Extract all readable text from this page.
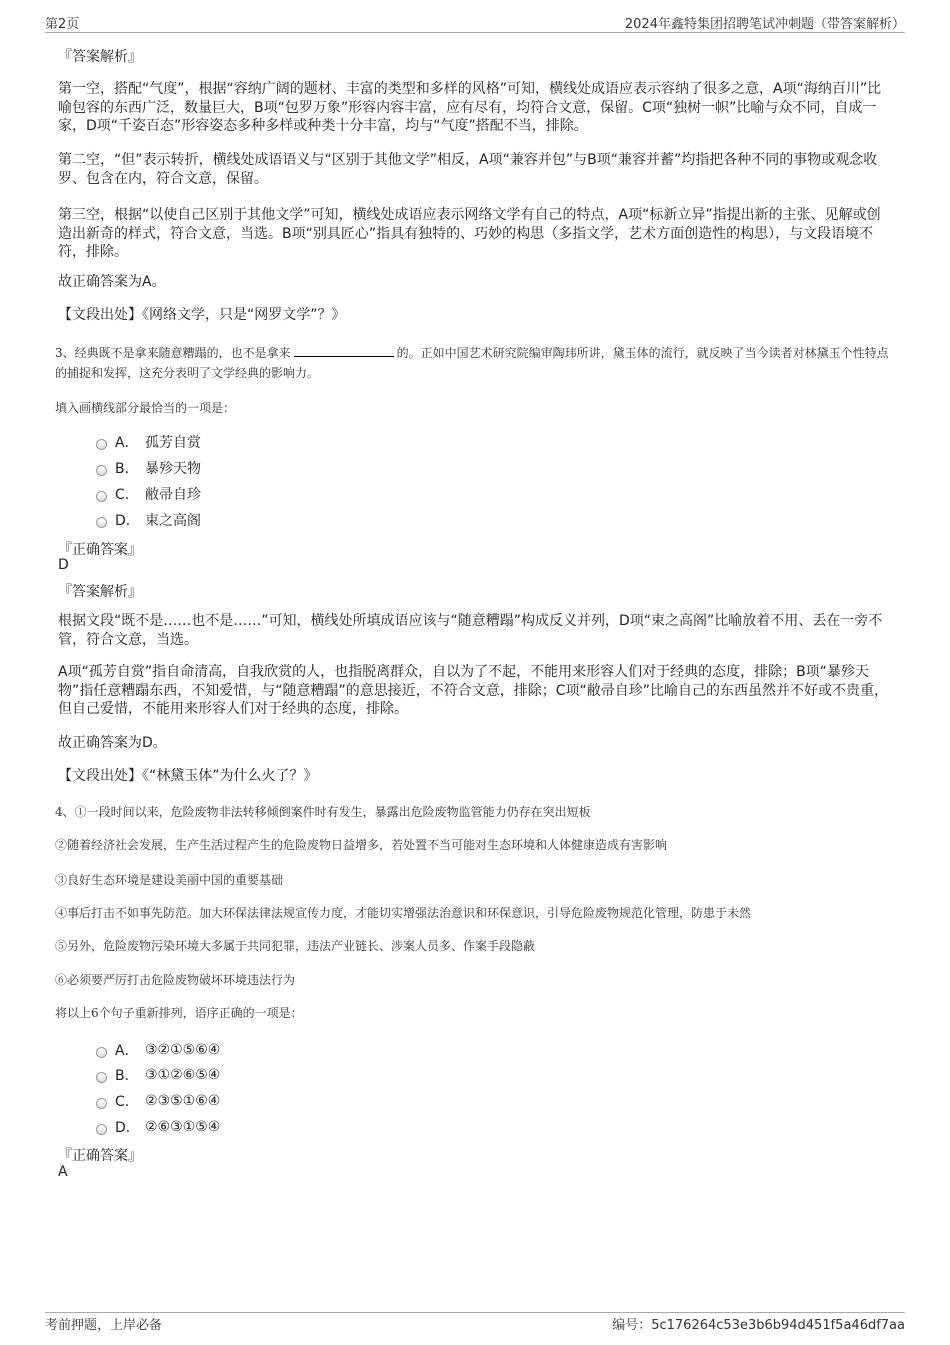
第2页	2024年鑫特集团招聘笔试冲刺题（带答案解析）
『答案解析』
第一空，搭配“气度”，根据“容纳广阔的题材、丰富的类型和多样的风格”可知，横线处成语应表示容纳了很多之意，A项“海纳百川”比喻包容的东西广泛，数量巨大，B项“包罗万象”形容内容丰富，应有尽有，均符合文意，保留。C项“独树一帜”比喻与众不同，自成一家，D项“千姿百态”形容姿态多种多样或种类十分丰富，均与“气度”搭配不当，排除。
第二空，“但”表示转折，横线处成语语义与“区别于其他文学”相反，A项“兼容并包”与B项“兼容并蓄”均指把各种不同的事物或观念收罗、包含在内，符合文意，保留。
第三空，根据“以使自己区别于其他文学”可知，横线处成语应表示网络文学有自己的特点，A项“标新立异”指提出新的主张、见解或创造出新奇的样式，符合文意，当选。B项“别具匠心”指具有独特的、巧妙的构思（多指文学，艺术方面创造性的构思），与文段语境不符，排除。
故正确答案为A。
【文段出处】《网络文学，只是“网罗文学”？》
3、经典既不是拿来随意糟蹋的，也不是拿来	的。正如中国艺术研究院编审陶玮所讲，黛玉体的流行，就反映了当今读者对林黛玉个性特点的捕捉和发挥，这充分表明了文学经典的影响力。
填入画横线部分最恰当的一项是：
A． 孤芳自赏
B． 暴殄天物
C． 敝帚自珍
D． 束之高阁
『正确答案』
D
『答案解析』
根据文段“既不是……也不是……”可知，横线处所填成语应该与“随意糟蹋”构成反义并列，D项“束之高阁”比喻放着不用、丢在一旁不管，符合文意，当选。
A项“孤芳自赏”指自命清高，自我欣赏的人，也指脱离群众，自以为了不起，不能用来形容人们对于经典的态度，排除；B项“暴殄天物”指任意糟蹋东西，不知爱惜，与“随意糟蹋”的意思接近，不符合文意，排除；C项“敝帚自珍”比喻自己的东西虽然并不好或不贵重，但自己爱惜，不能用来形容人们对于经典的态度，排除。
故正确答案为D。
【文段出处】《“林黛玉体”为什么火了？》
4、①一段时间以来，危险废物非法转移倾倒案件时有发生，暴露出危险废物监管能力仍存在突出短板
②随着经济社会发展，生产生活过程产生的危险废物日益增多，若处置不当可能对生态环境和人体健康造成有害影响
③良好生态环境是建设美丽中国的重要基础
④事后打击不如事先防范。加大环保法律法规宣传力度，才能切实增强法治意识和环保意识，引导危险废物规范化管理，防患于未然
⑤另外，危险废物污染环境大多属于共同犯罪，违法产业链长、涉案人员多、作案手段隐蔽
⑥必须要严厉打击危险废物破坏环境违法行为
将以上6个句子重新排列，语序正确的一项是：
A． ③②①⑤⑥④
B． ③①②⑥⑤④
C． ②③⑤①⑥④
D． ②⑥③①⑤④
『正确答案』
A
考前押题，上岸必备	编号：5c176264c53e3b6b94d451f5a46df7aa
